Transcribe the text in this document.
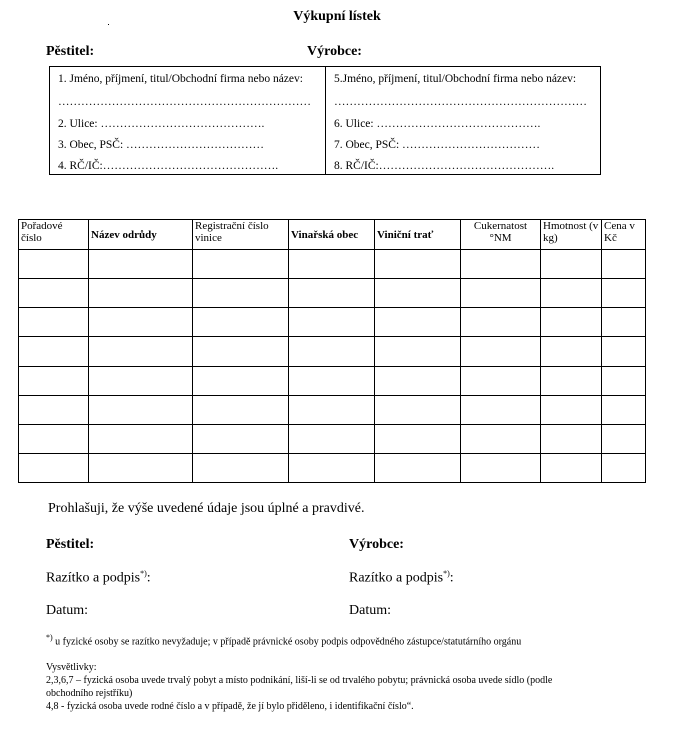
Výkupní lístek
Pěstitel:	Výrobce:
1. Jméno, příjmení, titul/Obchodní firma nebo název:
…………………………………………………………
2. Ulice: …………………………………….
3. Obec, PSČ: ………………………………
4. RČ/IČ:……………………………………….
5.Jméno, příjmení, titul/Obchodní firma nebo název:
…………………………………………………………
6. Ulice: …………………………………….
7. Obec, PSČ: ………………………………
8. RČ/IČ:……………………………………….
Pořadové číslo	Název odrůdy	Registrační číslo vinice	Vinařská obec	Viniční trať	Cukernatost °NM	Hmotnost (v kg)	Cena v Kč

Prohlašuji, že výše uvedené údaje jsou úplné a pravdivé.
Pěstitel:	Výrobce:
Razítko a podpis*):	Razítko a podpis*):
Datum:	Datum:
*) u fyzické osoby se razítko nevyžaduje; v případě právnické osoby podpis odpovědného zástupce/statutárního orgánu
Vysvětlivky:
2,3,6,7 – fyzická osoba uvede trvalý pobyt a místo podnikání, liší-li se od trvalého pobytu; právnická osoba uvede sídlo (podle
obchodního rejstříku)
4,8 - fyzická osoba uvede rodné číslo a v případě, že jí bylo přiděleno, i identifikační číslo“.
